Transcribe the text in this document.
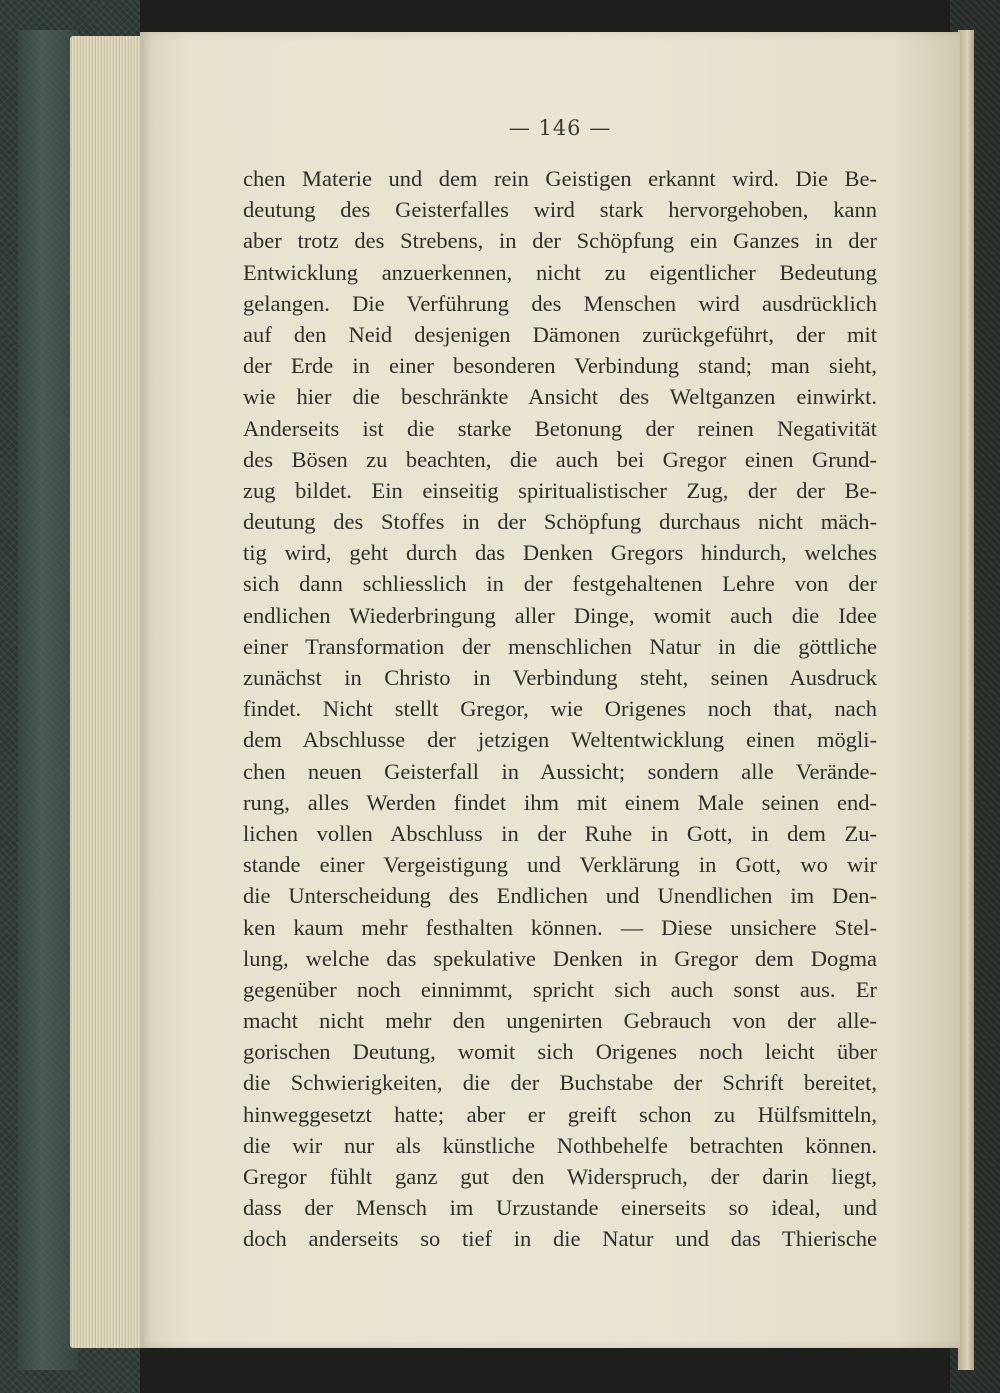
— 146 —
chen Materie und dem rein Geistigen erkannt wird. Die Be-
deutung des Geisterfalles wird stark hervorgehoben, kann
aber trotz des Strebens, in der Schöpfung ein Ganzes in der
Entwicklung anzuerkennen, nicht zu eigentlicher Bedeutung
gelangen. Die Verführung des Menschen wird ausdrücklich
auf den Neid desjenigen Dämonen zurückgeführt, der mit
der Erde in einer besonderen Verbindung stand; man sieht,
wie hier die beschränkte Ansicht des Weltganzen einwirkt.
Anderseits ist die starke Betonung der reinen Negativität
des Bösen zu beachten, die auch bei Gregor einen Grund-
zug bildet. Ein einseitig spiritualistischer Zug, der der Be-
deutung des Stoffes in der Schöpfung durchaus nicht mäch-
tig wird, geht durch das Denken Gregors hindurch, welches
sich dann schliesslich in der festgehaltenen Lehre von der
endlichen Wiederbringung aller Dinge, womit auch die Idee
einer Transformation der menschlichen Natur in die göttliche
zunächst in Christo in Verbindung steht, seinen Ausdruck
findet. Nicht stellt Gregor, wie Origenes noch that, nach
dem Abschlusse der jetzigen Weltentwicklung einen mögli-
chen neuen Geisterfall in Aussicht; sondern alle Verände-
rung, alles Werden findet ihm mit einem Male seinen end-
lichen vollen Abschluss in der Ruhe in Gott, in dem Zu-
stande einer Vergeistigung und Verklärung in Gott, wo wir
die Unterscheidung des Endlichen und Unendlichen im Den-
ken kaum mehr festhalten können. — Diese unsichere Stel-
lung, welche das spekulative Denken in Gregor dem Dogma
gegenüber noch einnimmt, spricht sich auch sonst aus. Er
macht nicht mehr den ungenirten Gebrauch von der alle-
gorischen Deutung, womit sich Origenes noch leicht über
die Schwierigkeiten, die der Buchstabe der Schrift bereitet,
hinweggesetzt hatte; aber er greift schon zu Hülfsmitteln,
die wir nur als künstliche Nothbehelfe betrachten können.
Gregor fühlt ganz gut den Widerspruch, der darin liegt,
dass der Mensch im Urzustande einerseits so ideal, und
doch anderseits so tief in die Natur und das Thierische
